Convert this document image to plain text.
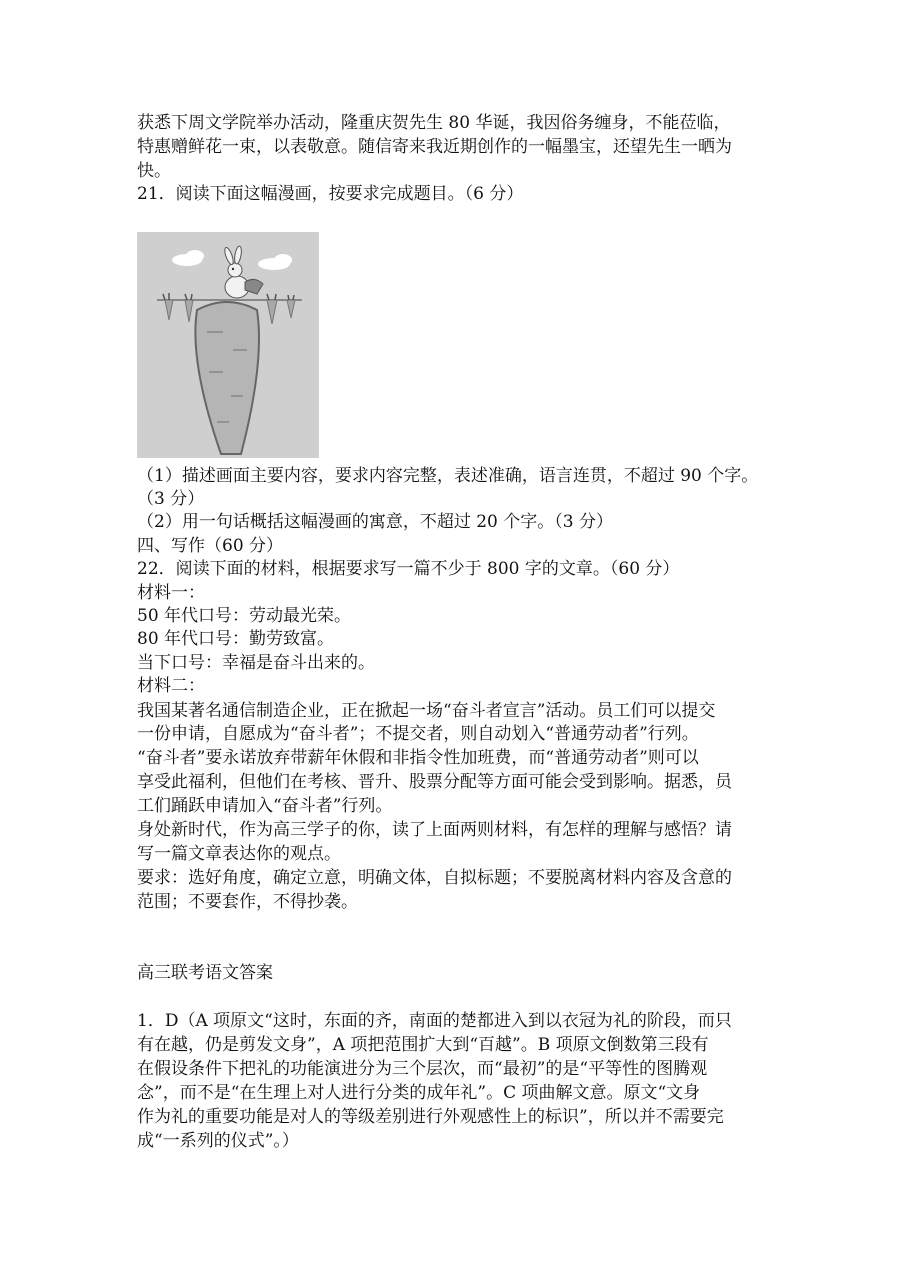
获悉下周文学院举办活动，隆重庆贺先生 80 华诞，我因俗务缠身，不能莅临，
特惠赠鲜花一束，以表敬意。随信寄来我近期创作的一幅墨宝，还望先生一晒为
快。
21．阅读下面这幅漫画，按要求完成题目。（6 分）
（1）描述画面主要内容，要求内容完整，表述准确，语言连贯，不超过 90 个字。
（3 分）
（2）用一句话概括这幅漫画的寓意，不超过 20 个字。（3 分）
四、写作（60 分）
22．阅读下面的材料，根据要求写一篇不少于 800 字的文章。（60 分）
材料一：
50 年代口号：劳动最光荣。
80 年代口号：勤劳致富。
当下口号：幸福是奋斗出来的。
材料二：
我国某著名通信制造企业，正在掀起一场“奋斗者宣言”活动。员工们可以提交
一份申请，自愿成为“奋斗者”；不提交者，则自动划入“普通劳动者”行列。
“奋斗者”要永诺放弃带薪年休假和非指令性加班费，而“普通劳动者”则可以
享受此福利，但他们在考核、晋升、股票分配等方面可能会受到影响。据悉，员
工们踊跃申请加入“奋斗者”行列。
身处新时代，作为高三学子的你，读了上面两则材料，有怎样的理解与感悟？请
写一篇文章表达你的观点。
要求：选好角度，确定立意，明确文体，自拟标题；不要脱离材料内容及含意的
范围；不要套作，不得抄袭。
高三联考语文答案
1．D（A 项原文“这时，东面的齐，南面的楚都进入到以衣冠为礼的阶段，而只
有在越，仍是剪发文身”，A 项把范围扩大到“百越”。B 项原文倒数第三段有
在假设条件下把礼的功能演进分为三个层次，而“最初”的是“平等性的图腾观
念”，而不是“在生理上对人进行分类的成年礼”。C 项曲解文意。原文“文身
作为礼的重要功能是对人的等级差别进行外观感性上的标识”，所以并不需要完
成“一系列的仪式”。）
